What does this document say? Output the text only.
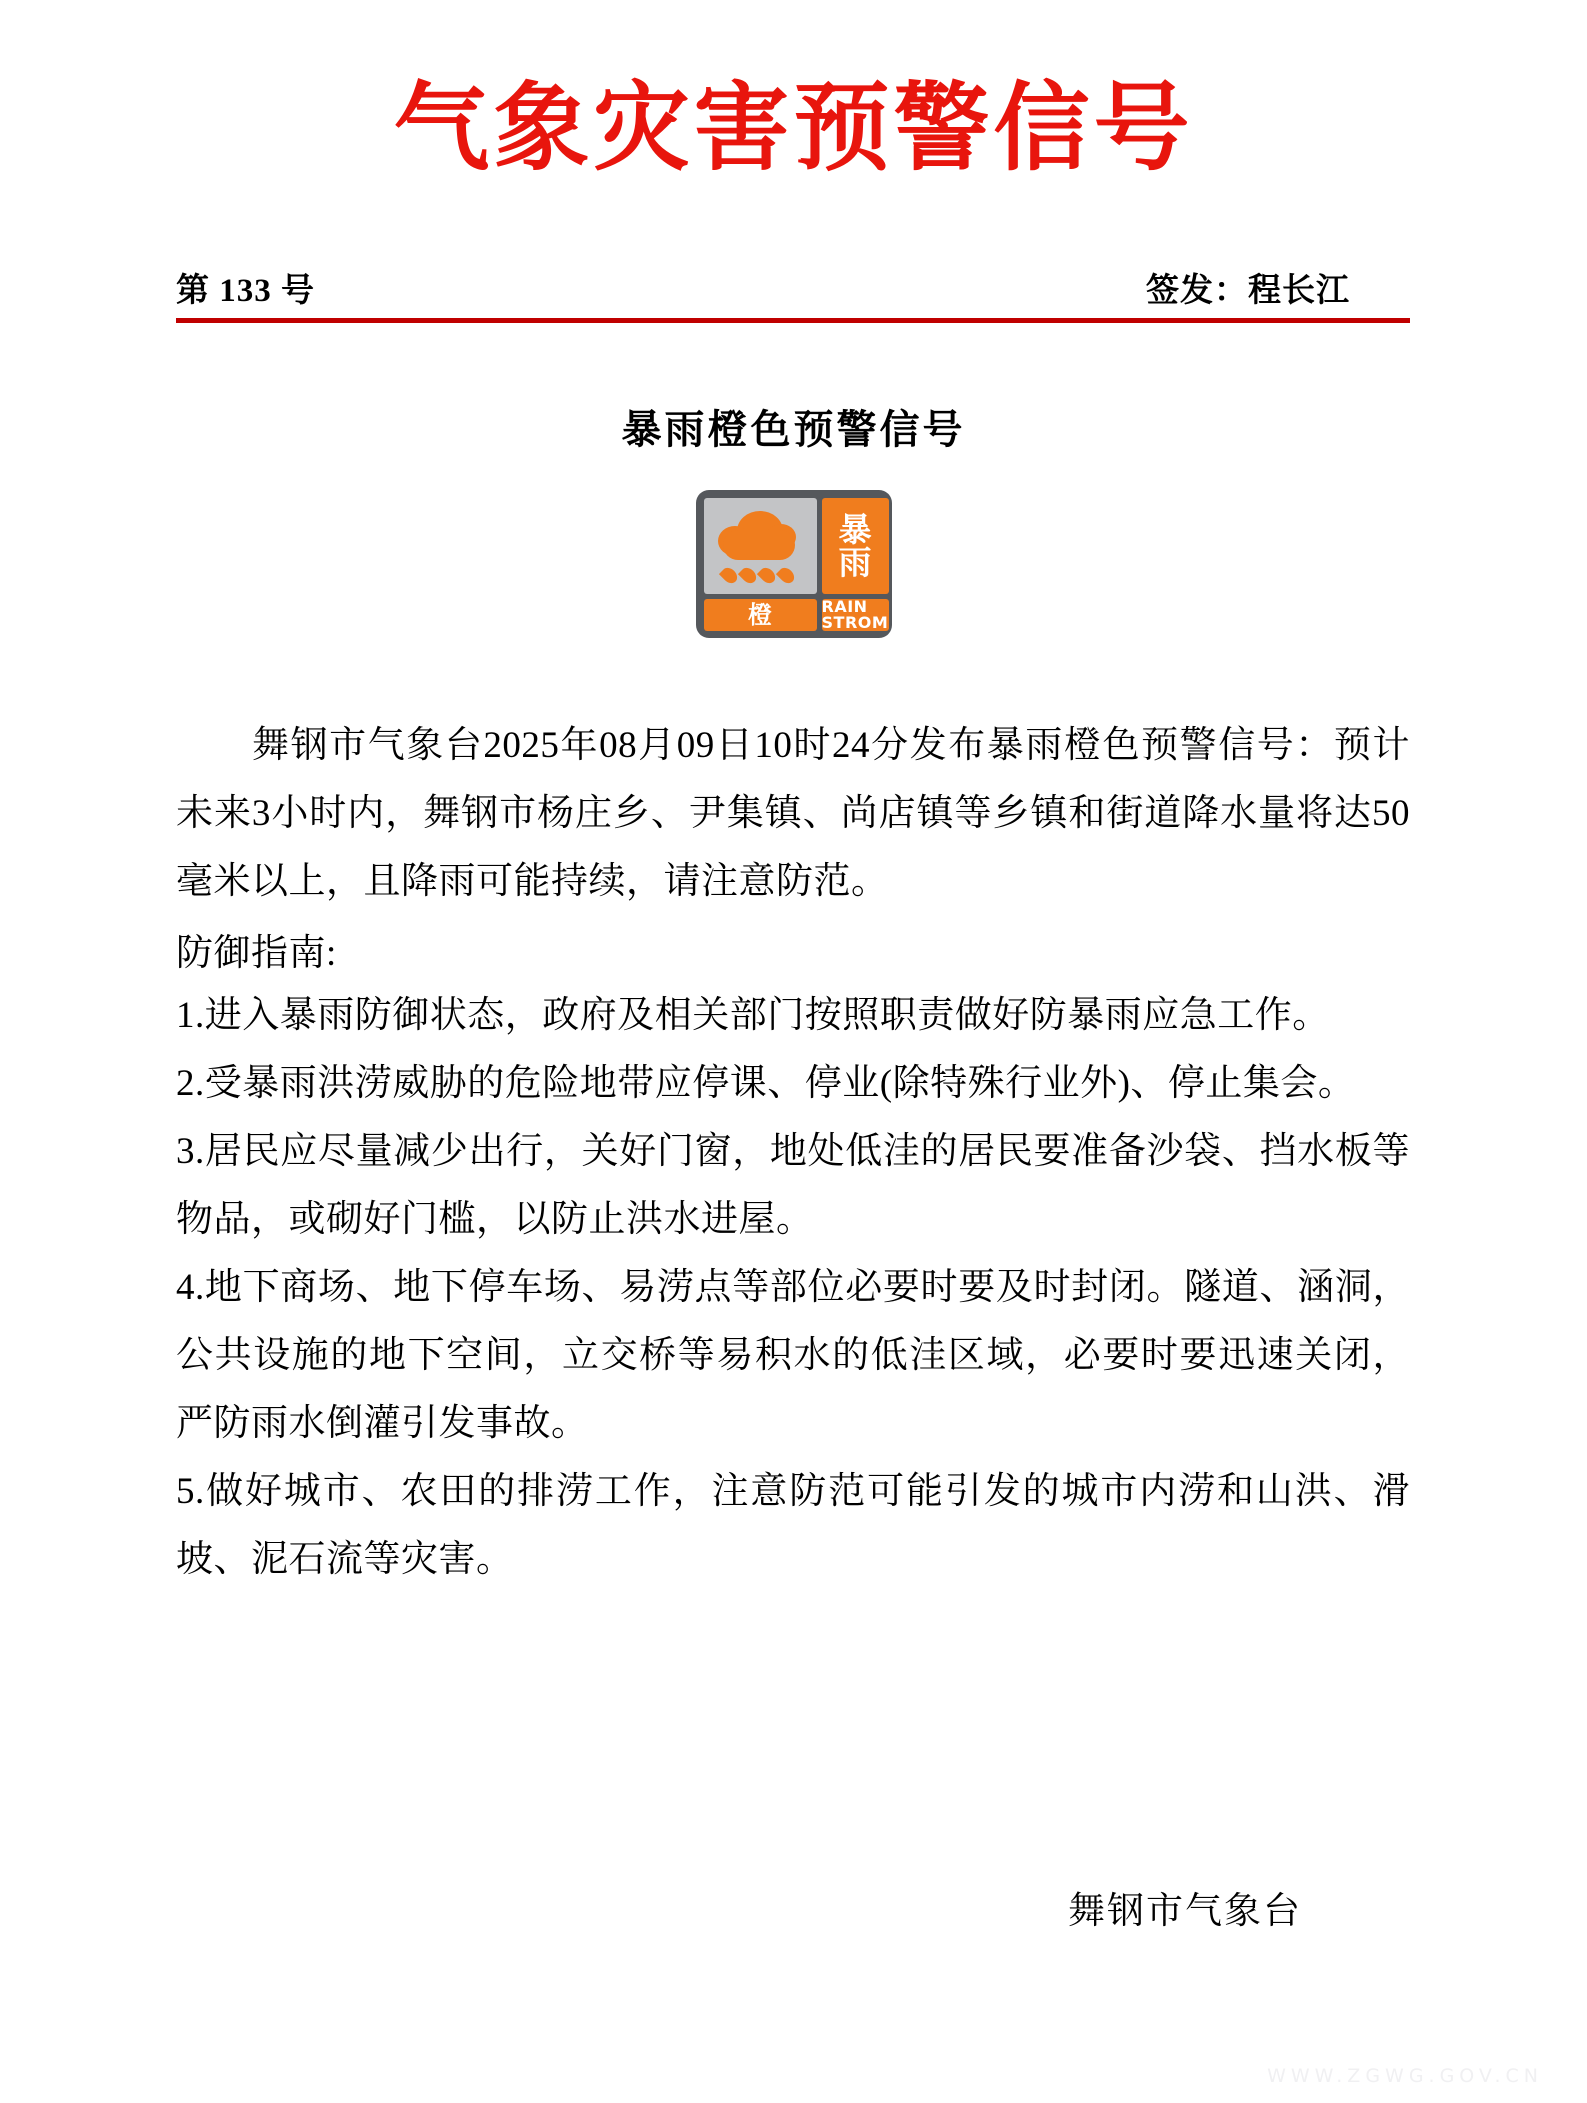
气象灾害预警信号
第 133 号	签发：程长江
暴雨橙色预警信号
暴
雨
橙	RAIN STROM
舞钢市气象台2025年08月09日10时24分发布暴雨橙色预警信号：预计未来3小时内，舞钢市杨庄乡、尹集镇、尚店镇等乡镇和街道降水量将达50毫米以上，且降雨可能持续，请注意防范。
防御指南:

1.进入暴雨防御状态，政府及相关部门按照职责做好防暴雨应急工作。

2.受暴雨洪涝威胁的危险地带应停课、停业(除特殊行业外)、停止集会。

3.居民应尽量减少出行，关好门窗，地处低洼的居民要准备沙袋、挡水板等物品，或砌好门槛，以防止洪水进屋。

4.地下商场、地下停车场、易涝点等部位必要时要及时封闭。隧道、涵洞，公共设施的地下空间，立交桥等易积水的低洼区域，必要时要迅速关闭，严防雨水倒灌引发事故。

5.做好城市、农田的排涝工作，注意防范可能引发的城市内涝和山洪、滑坡、泥石流等灾害。

舞钢市气象台
WWW.ZGWG.GOV.CN
